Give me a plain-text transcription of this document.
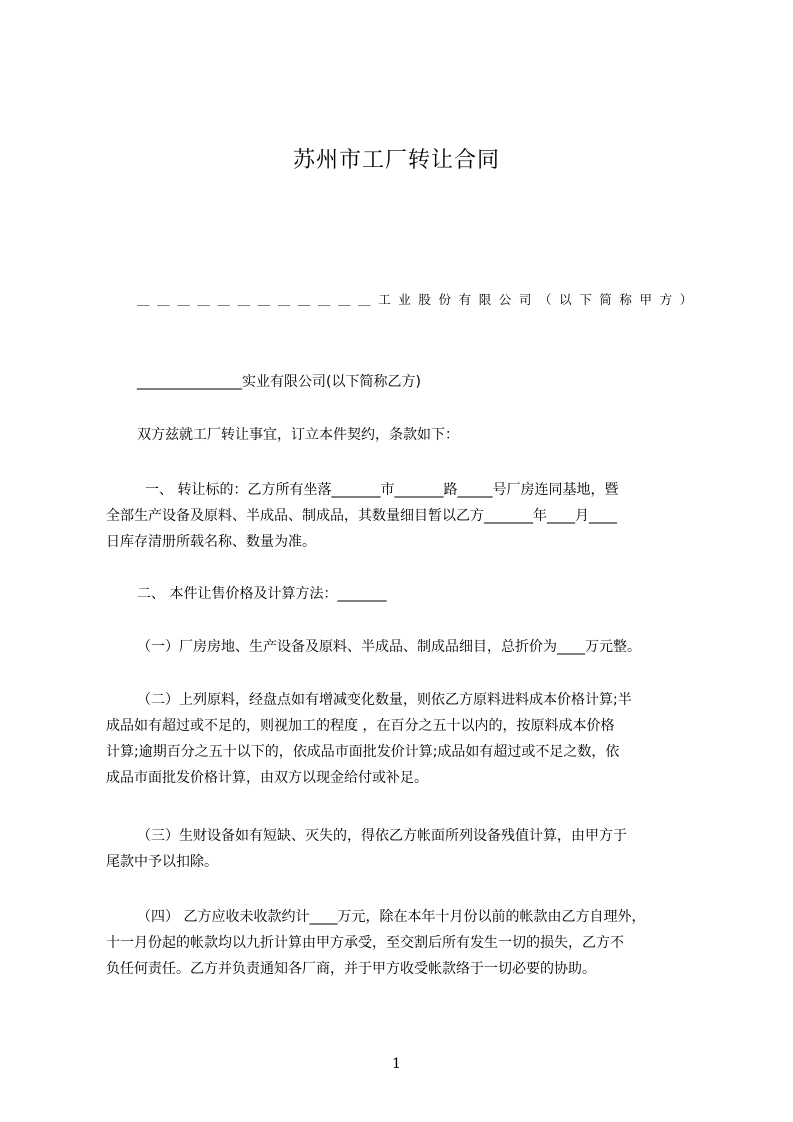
苏州市工厂转让合同
＿＿＿＿＿＿＿＿＿＿＿＿工业股份有限公司（以下简称甲方）
_______________实业有限公司(以下简称乙方)
双方兹就工厂转让事宜，订立本件契约，条款如下：
一、 转让标的：乙方所有坐落_______市_______路_____号厂房连同基地，暨
全部生产设备及原料、半成品、制成品，其数量细目暂以乙方_______年____月____
日库存清册所载名称、数量为准。
二、 本件让售价格及计算方法：_______
（一）厂房房地、生产设备及原料、半成品、制成品细目，总折价为____万元整。
（二）上列原料，经盘点如有增减变化数量，则依乙方原料进料成本价格计算;半
成品如有超过或不足的，则视加工的程度 ，在百分之五十以内的，按原料成本价格
计算;逾期百分之五十以下的，依成品市面批发价计算;成品如有超过或不足之数，依
成品市面批发价格计算，由双方以现金给付或补足。
（三）生财设备如有短缺、灭失的，得依乙方帐面所列设备残值计算，由甲方于
尾款中予以扣除。
（四） 乙方应收未收款约计____万元，除在本年十月份以前的帐款由乙方自理外，
十一月份起的帐款均以九折计算由甲方承受，至交割后所有发生一切的损失，乙方不
负任何责任。乙方并负责通知各厂商，并于甲方收受帐款络于一切必要的协助。
1
